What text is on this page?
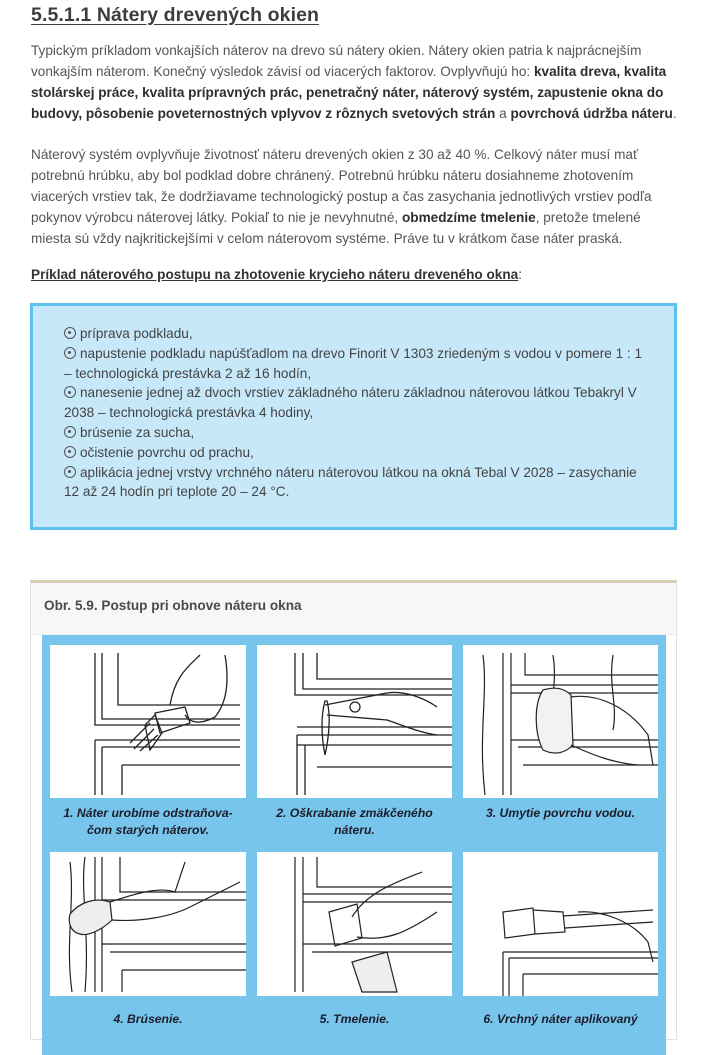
5.5.1.1 Nátery drevených okien

Typickým príkladom vonkajších náterov na drevo sú nátery okien. Nátery okien patria k najprácnejším vonkajším náterom. Konečný výsledok závisí od viacerých faktorov. Ovplyvňujú ho: kvalita dreva, kvalita stolárskej práce, kvalita prípravných prác, penetračný náter, náterový systém, zapustenie okna do budovy, pôsobenie poveternostných vplyvov z rôznych svetových strán a povrchová údržba náteru.

Náterový systém ovplyvňuje životnosť náteru drevených okien z 30 až 40 %. Celkový náter musí mať potrebnú hrúbku, aby bol podklad dobre chránený. Potrebnú hrúbku náteru dosiahneme zhotovením viacerých vrstiev tak, že dodržiavame technologický postup a čas zasychania jednotlivých vrstiev podľa pokynov výrobcu náterovej látky. Pokiaľ to nie je nevyhnutné, obmedzíme tmelenie, pretože tmelené miesta sú vždy najkritickejšími v celom náterovom systéme. Práve tu v krátkom čase náter praská.

Príklad náterového postupu na zhotovenie krycieho náteru dreveného okna:
príprava podkladu,
napustenie podkladu napúšťadlom na drevo Finorit V 1303 zriedeným s vodou v pomere 1 : 1 – technologická prestávka 2 až 16 hodín,
nanesenie jednej až dvoch vrstiev základného náteru základnou náterovou látkou Tebakryl V 2038 – technologická prestávka 4 hodiny,
brúsenie za sucha,
očistenie povrchu od prachu,
aplikácia jednej vrstvy vrchného náteru náterovou látkou na okná Tebal V 2028 – zasychanie 12 až 24 hodín pri teplote 20 – 24 °C.
Obr. 5.9. Postup pri obnove náteru okna
1. Náter urobíme odstraňova-
čom starých náterov.
2. Oškrabanie zmäkčeného
náteru.
3. Umytie povrchu vodou.
4. Brúsenie.	5. Tmelenie.	6. Vrchný náter aplikovaný
